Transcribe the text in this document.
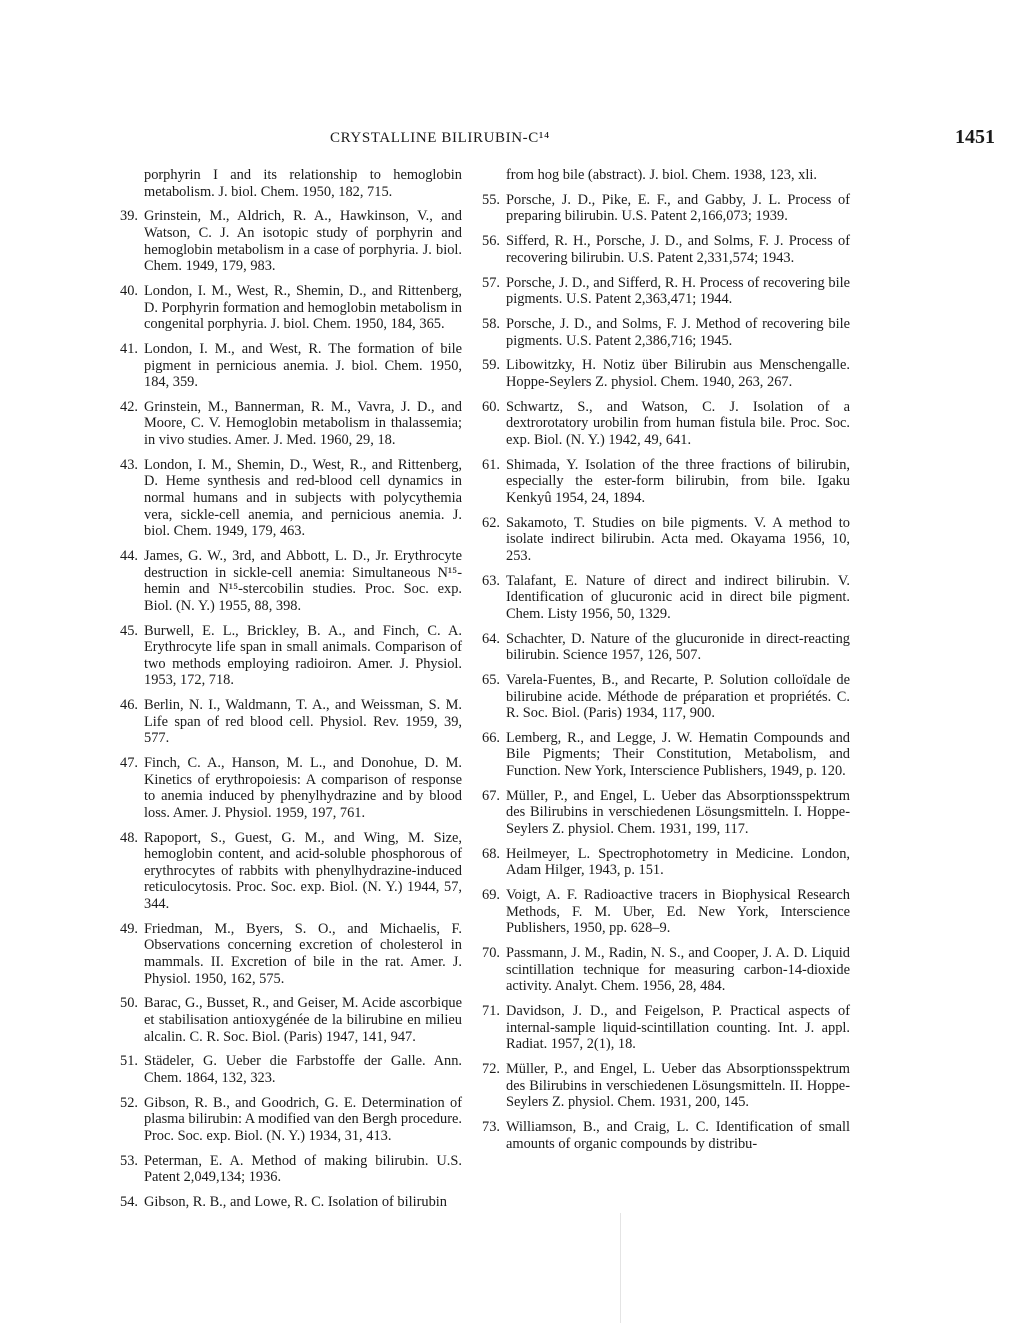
CRYSTALLINE BILIRUBIN-C¹⁴	1451
porphyrin I and its relationship to hemoglobin metabolism. J. biol. Chem. 1950, 182, 715.
39. Grinstein, M., Aldrich, R. A., Hawkinson, V., and Watson, C. J. An isotopic study of porphyrin and hemoglobin metabolism in a case of porphyria. J. biol. Chem. 1949, 179, 983.
40. London, I. M., West, R., Shemin, D., and Rittenberg, D. Porphyrin formation and hemoglobin metabolism in congenital porphyria. J. biol. Chem. 1950, 184, 365.
41. London, I. M., and West, R. The formation of bile pigment in pernicious anemia. J. biol. Chem. 1950, 184, 359.
42. Grinstein, M., Bannerman, R. M., Vavra, J. D., and Moore, C. V. Hemoglobin metabolism in thalassemia; in vivo studies. Amer. J. Med. 1960, 29, 18.
43. London, I. M., Shemin, D., West, R., and Rittenberg, D. Heme synthesis and red-blood cell dynamics in normal humans and in subjects with polycythemia vera, sickle-cell anemia, and pernicious anemia. J. biol. Chem. 1949, 179, 463.
44. James, G. W., 3rd, and Abbott, L. D., Jr. Erythrocyte destruction in sickle-cell anemia: Simultaneous N¹⁵-hemin and N¹⁵-stercobilin studies. Proc. Soc. exp. Biol. (N. Y.) 1955, 88, 398.
45. Burwell, E. L., Brickley, B. A., and Finch, C. A. Erythrocyte life span in small animals. Comparison of two methods employing radioiron. Amer. J. Physiol. 1953, 172, 718.
46. Berlin, N. I., Waldmann, T. A., and Weissman, S. M. Life span of red blood cell. Physiol. Rev. 1959, 39, 577.
47. Finch, C. A., Hanson, M. L., and Donohue, D. M. Kinetics of erythropoiesis: A comparison of response to anemia induced by phenylhydrazine and by blood loss. Amer. J. Physiol. 1959, 197, 761.
48. Rapoport, S., Guest, G. M., and Wing, M. Size, hemoglobin content, and acid-soluble phosphorous of erythrocytes of rabbits with phenylhydrazine-induced reticulocytosis. Proc. Soc. exp. Biol. (N. Y.) 1944, 57, 344.
49. Friedman, M., Byers, S. O., and Michaelis, F. Observations concerning excretion of cholesterol in mammals. II. Excretion of bile in the rat. Amer. J. Physiol. 1950, 162, 575.
50. Barac, G., Busset, R., and Geiser, M. Acide ascorbique et stabilisation antioxygénée de la bilirubine en milieu alcalin. C. R. Soc. Biol. (Paris) 1947, 141, 947.
51. Städeler, G. Ueber die Farbstoffe der Galle. Ann. Chem. 1864, 132, 323.
52. Gibson, R. B., and Goodrich, G. E. Determination of plasma bilirubin: A modified van den Bergh procedure. Proc. Soc. exp. Biol. (N. Y.) 1934, 31, 413.
53. Peterman, E. A. Method of making bilirubin. U.S. Patent 2,049,134; 1936.
54. Gibson, R. B., and Lowe, R. C. Isolation of bilirubin
from hog bile (abstract). J. biol. Chem. 1938, 123, xli.
55. Porsche, J. D., Pike, E. F., and Gabby, J. L. Process of preparing bilirubin. U.S. Patent 2,166,073; 1939.
56. Sifferd, R. H., Porsche, J. D., and Solms, F. J. Process of recovering bilirubin. U.S. Patent 2,331,574; 1943.
57. Porsche, J. D., and Sifferd, R. H. Process of recovering bile pigments. U.S. Patent 2,363,471; 1944.
58. Porsche, J. D., and Solms, F. J. Method of recovering bile pigments. U.S. Patent 2,386,716; 1945.
59. Libowitzky, H. Notiz über Bilirubin aus Menschengalle. Hoppe-Seylers Z. physiol. Chem. 1940, 263, 267.
60. Schwartz, S., and Watson, C. J. Isolation of a dextrorotatory urobilin from human fistula bile. Proc. Soc. exp. Biol. (N. Y.) 1942, 49, 641.
61. Shimada, Y. Isolation of the three fractions of bilirubin, especially the ester-form bilirubin, from bile. Igaku Kenkyû 1954, 24, 1894.
62. Sakamoto, T. Studies on bile pigments. V. A method to isolate indirect bilirubin. Acta med. Okayama 1956, 10, 253.
63. Talafant, E. Nature of direct and indirect bilirubin. V. Identification of glucuronic acid in direct bile pigment. Chem. Listy 1956, 50, 1329.
64. Schachter, D. Nature of the glucuronide in direct-reacting bilirubin. Science 1957, 126, 507.
65. Varela-Fuentes, B., and Recarte, P. Solution colloïdale de bilirubine acide. Méthode de préparation et propriétés. C. R. Soc. Biol. (Paris) 1934, 117, 900.
66. Lemberg, R., and Legge, J. W. Hematin Compounds and Bile Pigments; Their Constitution, Metabolism, and Function. New York, Interscience Publishers, 1949, p. 120.
67. Müller, P., and Engel, L. Ueber das Absorptionsspektrum des Bilirubins in verschiedenen Lösungsmitteln. I. Hoppe-Seylers Z. physiol. Chem. 1931, 199, 117.
68. Heilmeyer, L. Spectrophotometry in Medicine. London, Adam Hilger, 1943, p. 151.
69. Voigt, A. F. Radioactive tracers in Biophysical Research Methods, F. M. Uber, Ed. New York, Interscience Publishers, 1950, pp. 628–9.
70. Passmann, J. M., Radin, N. S., and Cooper, J. A. D. Liquid scintillation technique for measuring carbon-14-dioxide activity. Analyt. Chem. 1956, 28, 484.
71. Davidson, J. D., and Feigelson, P. Practical aspects of internal-sample liquid-scintillation counting. Int. J. appl. Radiat. 1957, 2(1), 18.
72. Müller, P., and Engel, L. Ueber das Absorptionsspektrum des Bilirubins in verschiedenen Lösungsmitteln. II. Hoppe-Seylers Z. physiol. Chem. 1931, 200, 145.
73. Williamson, B., and Craig, L. C. Identification of small amounts of organic compounds by distribu-
